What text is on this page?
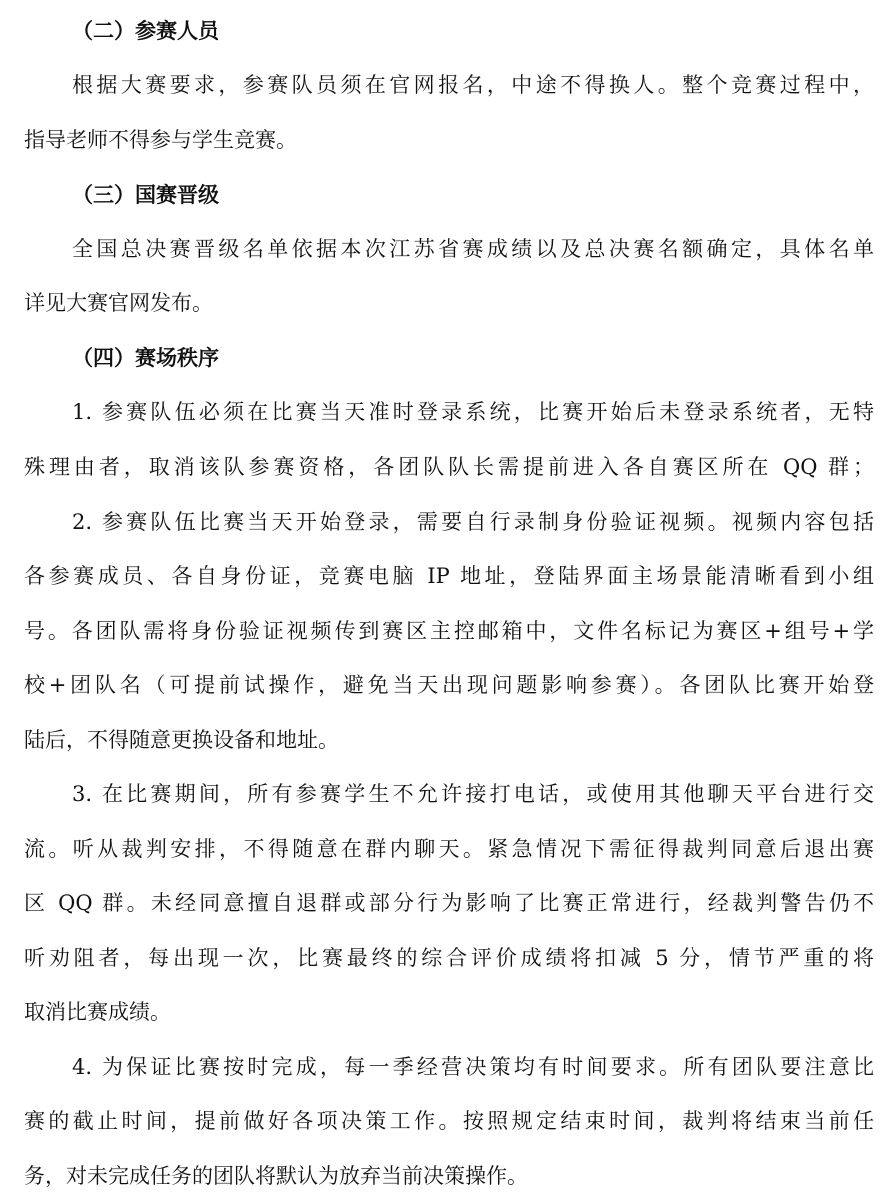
（二）参赛人员
根据大赛要求，参赛队员须在官网报名，中途不得换人。整个竞赛过程中，
指导老师不得参与学生竞赛。
（三）国赛晋级
全国总决赛晋级名单依据本次江苏省赛成绩以及总决赛名额确定，具体名单
详见大赛官网发布。
（四）赛场秩序
1. 参赛队伍必须在比赛当天准时登录系统，比赛开始后未登录系统者，无特
殊理由者，取消该队参赛资格，各团队队长需提前进入各自赛区所在 QQ 群；
2. 参赛队伍比赛当天开始登录，需要自行录制身份验证视频。视频内容包括
各参赛成员、各自身份证，竞赛电脑 IP 地址，登陆界面主场景能清晰看到小组
号。各团队需将身份验证视频传到赛区主控邮箱中，文件名标记为赛区+组号+学
校+团队名（可提前试操作，避免当天出现问题影响参赛）。各团队比赛开始登
陆后，不得随意更换设备和地址。
3. 在比赛期间，所有参赛学生不允许接打电话，或使用其他聊天平台进行交
流。听从裁判安排，不得随意在群内聊天。紧急情况下需征得裁判同意后退出赛
区 QQ 群。未经同意擅自退群或部分行为影响了比赛正常进行，经裁判警告仍不
听劝阻者，每出现一次，比赛最终的综合评价成绩将扣减 5 分，情节严重的将
取消比赛成绩。
4. 为保证比赛按时完成，每一季经营决策均有时间要求。所有团队要注意比
赛的截止时间，提前做好各项决策工作。按照规定结束时间，裁判将结束当前任
务，对未完成任务的团队将默认为放弃当前决策操作。
